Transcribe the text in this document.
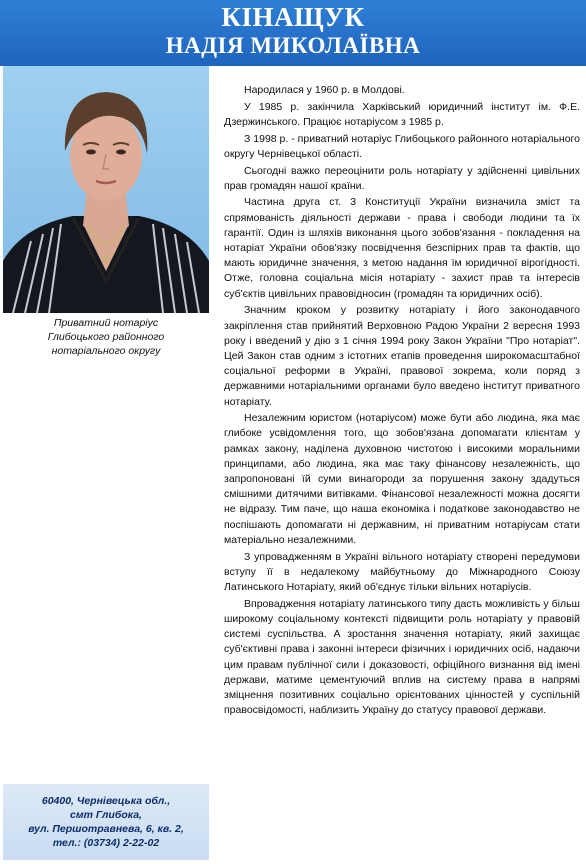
КІНАЩУК
НАДІЯ МИКОЛАЇВНА
Приватний нотаріус
Глибоцького районного
нотаріального округу

Народилася у 1960 р. в Молдові.

У 1985 р. закінчила Харківський юридичний інститут ім. Ф.Е. Дзержинського. Працює нотаріусом з 1985 р.

З 1998 р. - приватний нотаріус Глибоцького районного нотаріального округу Чернівецької області.

Сьогодні важко переоцінити роль нотаріату у здійсненні цивільних прав громадян нашої країни.

Частина друга ст. 3 Конституції України визначила зміст та спрямованість діяльності держави - права і свободи людини та їх гарантії. Один із шляхів виконання цього зобов'язання - покладення на нотаріат України обов'язку посвідчення безспірних прав та фактів, що мають юридичне значення, з метою надання їм юридичної вірогідності. Отже, головна соціальна місія нотаріату - захист прав та інтересів суб'єктів цивільних правовідносин (громадян та юридичних осіб).

Значним кроком у розвитку нотаріату і його законодавчого закріплення став прийнятий Верховною Радою України 2 вересня 1993 року і введений у дію з 1 січня 1994 року Закон України "Про нотаріат". Цей Закон став одним з істотних етапів проведення широкомасштабної соціальної реформи в Україні, правової зокрема, коли поряд з державними нотаріальними органами було введено інститут приватного нотаріату.

Незалежним юристом (нотаріусом) може бути або людина, яка має глибоке усвідомлення того, що зобов'язана допомагати клієнтам у рамках закону, наділена духовною чистотою і високими моральними принципами, або людина, яка має таку фінансову незалежність, що запропоновані їй суми винагороди за порушення закону здадуться смішними дитячими витівками. Фінансової незалежності можна досягти не відразу. Тим паче, що наша економіка і податкове законодавство не поспішають допомагати ні державним, ні приватним нотаріусам стати матеріально незалежними.

З упровадженням в Україні вільного нотаріату створені передумови вступу її в недалекому майбутньому до Міжнародного Союзу Латинського Нотаріату, який об'єднує тільки вільних нотаріусів.

Впровадження нотаріату латинського типу дасть можливість у більш широкому соціальному контексті підвищити роль нотаріату у правовій системі суспільства. А зростання значення нотаріату, який захищає суб'єктивні права і законні інтереси фізичних і юридичних осіб, надаючи цим правам публічної сили і доказовості, офіційного визнання від імені держави, матиме цементуючий вплив на систему права в напрямі зміцнення позитивних соціально орієнтованих цінностей у суспільній правосвідомості, наблизить Україну до статусу правової держави.

60400, Чернівецька обл.,
смт Глибока,
вул. Першотравнева, 6, кв. 2,
тел.: (03734) 2-22-02
